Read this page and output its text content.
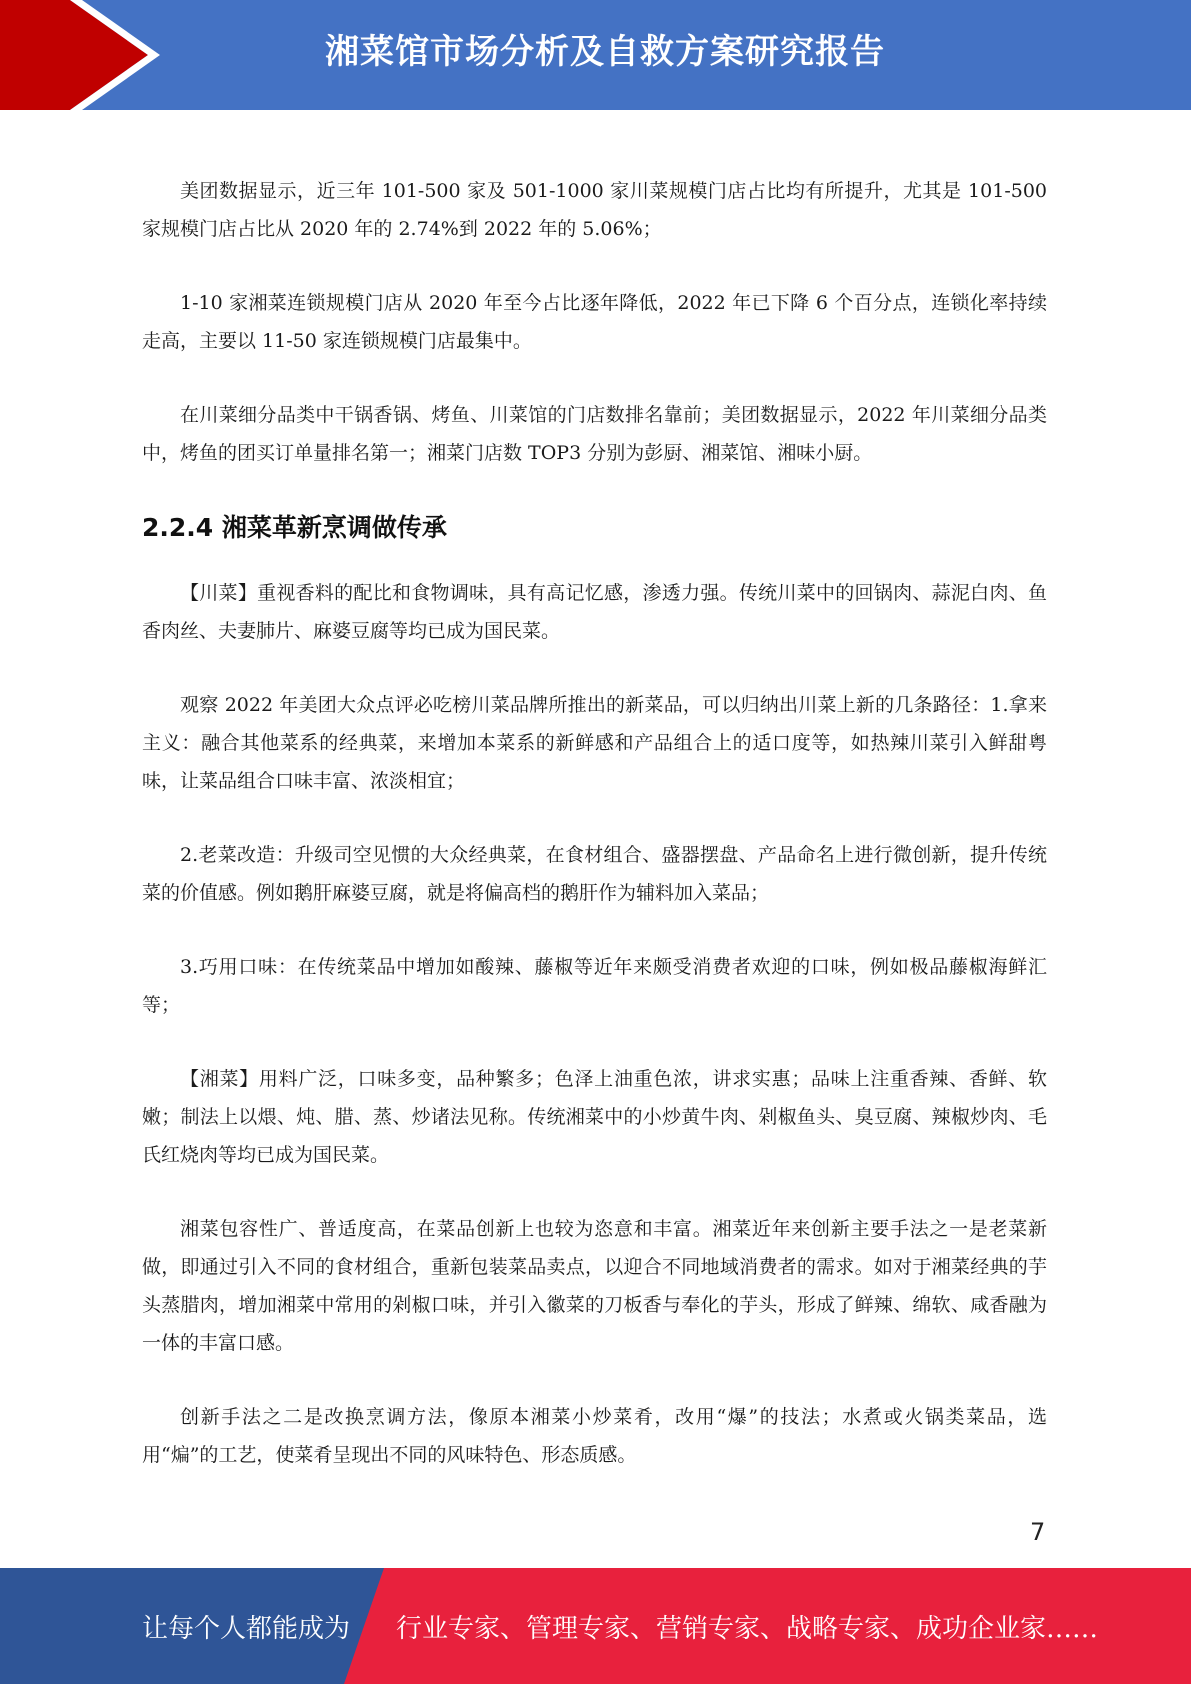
湘菜馆市场分析及自救方案研究报告

美团数据显示，近三年 101-500 家及 501-1000 家川菜规模门店占比均有所提升，尤其是 101-500 家规模门店占比从 2020 年的 2.74%到 2022 年的 5.06%；

1-10 家湘菜连锁规模门店从 2020 年至今占比逐年降低，2022 年已下降 6 个百分点，连锁化率持续走高，主要以 11-50 家连锁规模门店最集中。

在川菜细分品类中干锅香锅、烤鱼、川菜馆的门店数排名靠前；美团数据显示，2022 年川菜细分品类中，烤鱼的团买订单量排名第一；湘菜门店数 TOP3 分别为彭厨、湘菜馆、湘味小厨。

2.2.4 湘菜革新烹调做传承

【川菜】重视香料的配比和食物调味，具有高记忆感，渗透力强。传统川菜中的回锅肉、蒜泥白肉、鱼香肉丝、夫妻肺片、麻婆豆腐等均已成为国民菜。

观察 2022 年美团大众点评必吃榜川菜品牌所推出的新菜品，可以归纳出川菜上新的几条路径：1.拿来主义：融合其他菜系的经典菜，来增加本菜系的新鲜感和产品组合上的适口度等，如热辣川菜引入鲜甜粤味，让菜品组合口味丰富、浓淡相宜；

2.老菜改造：升级司空见惯的大众经典菜，在食材组合、盛器摆盘、产品命名上进行微创新，提升传统菜的价值感。例如鹅肝麻婆豆腐，就是将偏高档的鹅肝作为辅料加入菜品；

3.巧用口味：在传统菜品中增加如酸辣、藤椒等近年来颇受消费者欢迎的口味，例如极品藤椒海鲜汇等；

【湘菜】用料广泛，口味多变，品种繁多；色泽上油重色浓，讲求实惠；品味上注重香辣、香鲜、软嫩；制法上以煨、炖、腊、蒸、炒诸法见称。传统湘菜中的小炒黄牛肉、剁椒鱼头、臭豆腐、辣椒炒肉、毛氏红烧肉等均已成为国民菜。

湘菜包容性广、普适度高，在菜品创新上也较为恣意和丰富。湘菜近年来创新主要手法之一是老菜新做，即通过引入不同的食材组合，重新包装菜品卖点，以迎合不同地域消费者的需求。如对于湘菜经典的芋头蒸腊肉，增加湘菜中常用的剁椒口味，并引入徽菜的刀板香与奉化的芋头，形成了鲜辣、绵软、咸香融为一体的丰富口感。

创新手法之二是改换烹调方法，像原本湘菜小炒菜肴，改用“爆”的技法；水煮或火锅类菜品，选用“煸”的工艺，使菜肴呈现出不同的风味特色、形态质感。

7
让每个人都能成为 行业专家、管理专家、营销专家、战略专家、成功企业家……
